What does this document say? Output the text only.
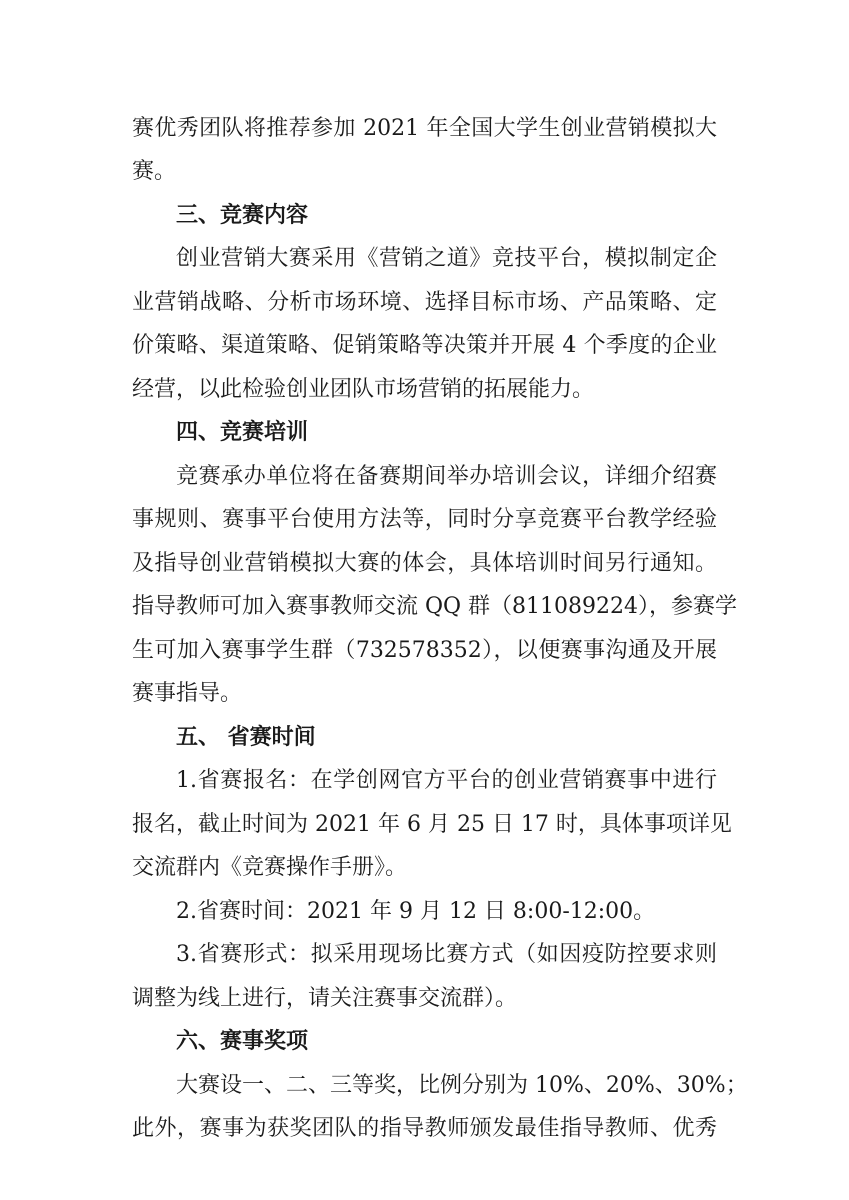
赛优秀团队将推荐参加 2021 年全国大学生创业营销模拟大
赛。
三、竞赛内容
创业营销大赛采用《营销之道》竞技平台，模拟制定企
业营销战略、分析市场环境、选择目标市场、产品策略、定
价策略、渠道策略、促销策略等决策并开展 4 个季度的企业
经营，以此检验创业团队市场营销的拓展能力。
四、竞赛培训
竞赛承办单位将在备赛期间举办培训会议，详细介绍赛
事规则、赛事平台使用方法等，同时分享竞赛平台教学经验
及指导创业营销模拟大赛的体会，具体培训时间另行通知。
指导教师可加入赛事教师交流 QQ 群（811089224），参赛学
生可加入赛事学生群（732578352），以便赛事沟通及开展
赛事指导。
五、 省赛时间
1.省赛报名：在学创网官方平台的创业营销赛事中进行
报名，截止时间为 2021 年 6 月 25 日 17 时，具体事项详见
交流群内《竞赛操作手册》。
2.省赛时间：2021 年 9 月 12 日 8:00-12:00。
3.省赛形式：拟采用现场比赛方式（如因疫防控要求则
调整为线上进行，请关注赛事交流群）。
六、赛事奖项
大赛设一、二、三等奖，比例分别为 10%、20%、30%；
此外，赛事为获奖团队的指导教师颁发最佳指导教师、优秀
